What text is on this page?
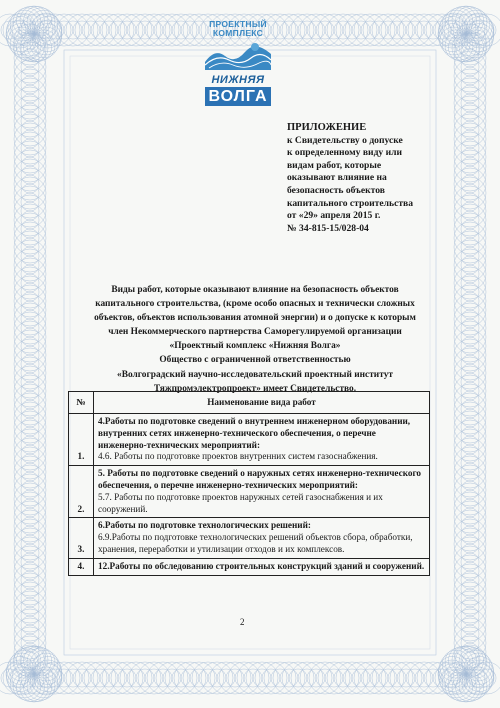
ПРОЕКТНЫЙ
КОМПЛЕКС
НИЖНЯЯ
ВОЛГА
ПРИЛОЖЕНИЕ
к Свидетельству о допуске
к определенному виду или
видам работ, которые
оказывают влияние на
безопасность объектов
капитального строительства
от «29» апреля 2015 г.
№ 34-815-15/028-04
Виды работ, которые оказывают влияние на безопасность объектов
капитального строительства, (кроме особо опасных и технически сложных
объектов, объектов использования атомной энергии) и о допуске к которым
член Некоммерческого партнерства Саморегулируемой организации
«Проектный комплекс «Нижняя Волга»
Общество с ограниченной ответственностью
«Волгоградский научно-исследовательский проектный институт
Тяжпромэлектропроект» имеет Свидетельство.
№	Наименование вида работ
1.	4.Работы по подготовке сведений о внутреннем инженерном оборудовании, внутренних сетях инженерно-технического обеспечения, о перечне инженерно-технических мероприятий:
4.6. Работы по подготовке проектов внутренних систем газоснабжения.

2.	5. Работы по подготовке сведений о наружных сетях инженерно-технического обеспечения, о перечне инженерно-технических мероприятий:
5.7. Работы по подготовке проектов наружных сетей газоснабжения и их сооружений.

3.	6.Работы по подготовке технологических решений:
6.9.Работы по подготовке технологических решений объектов сбора, обработки, хранения, переработки и утилизации отходов и их комплексов.

4.	12.Работы по обследованию строительных конструкций зданий и сооружений.
2
